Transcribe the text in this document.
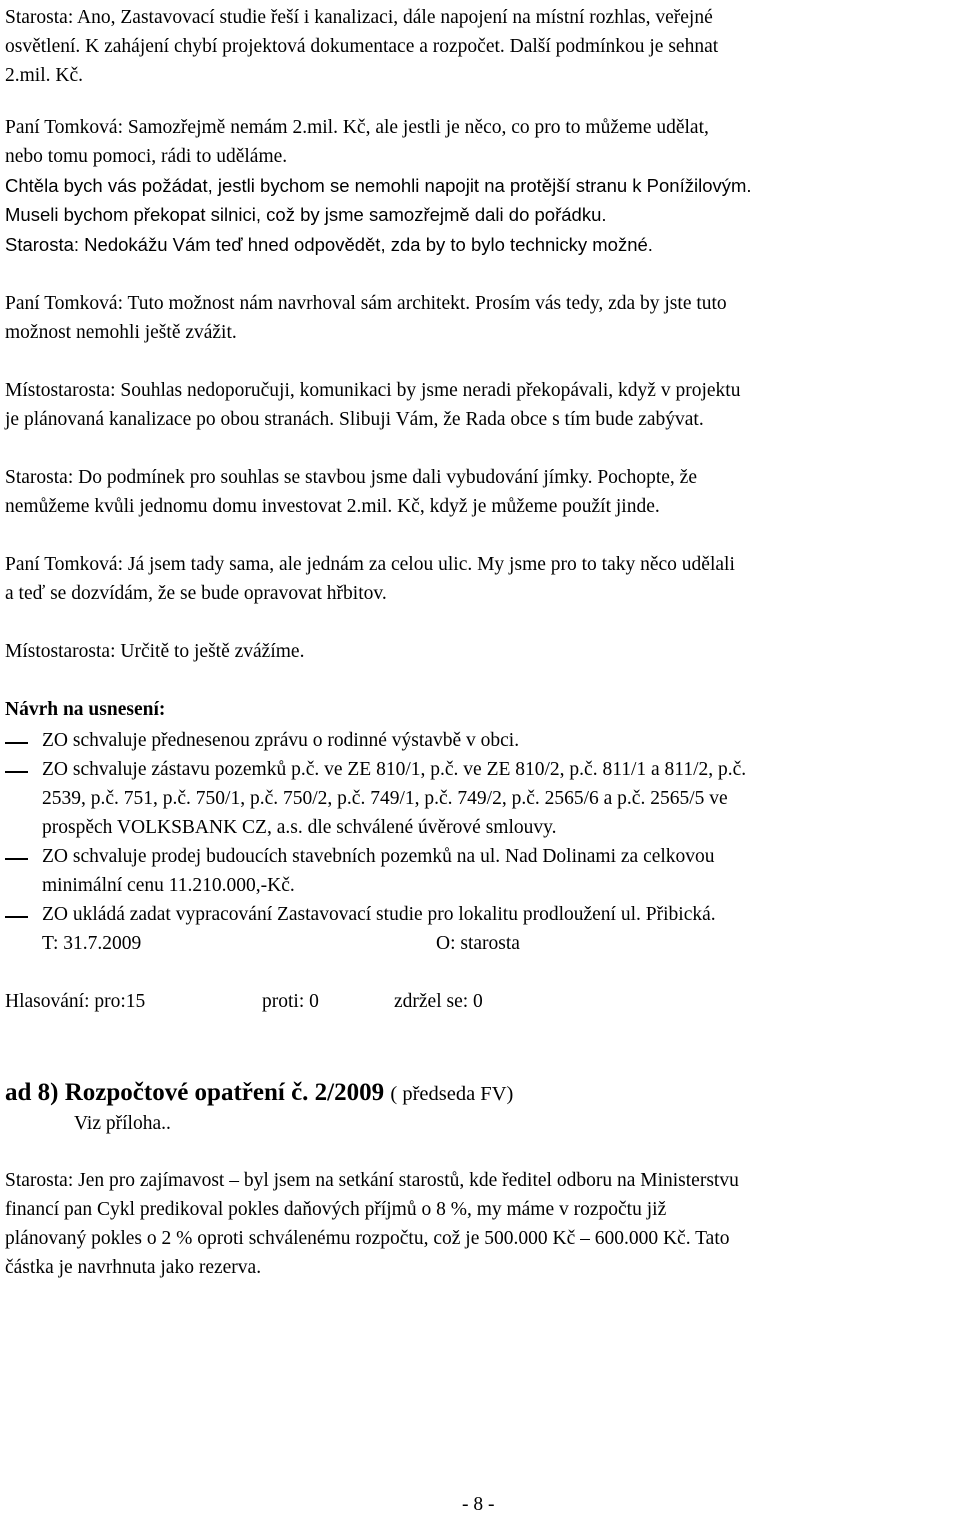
Starosta: Ano, Zastavovací studie řeší i kanalizaci, dále napojení na místní rozhlas, veřejné
osvětlení. K zahájení chybí projektová dokumentace a rozpočet. Další podmínkou je sehnat
2.mil. Kč.
Paní Tomková: Samozřejmě nemám 2.mil. Kč, ale jestli je něco, co pro to můžeme udělat,
nebo tomu pomoci, rádi to uděláme.
Chtěla bych vás požádat, jestli bychom se nemohli napojit na protější stranu k Ponížilovým.
Museli bychom překopat silnici, což by jsme samozřejmě dali do pořádku.
Starosta: Nedokážu Vám teď hned odpovědět, zda by to bylo technicky možné.
Paní Tomková: Tuto možnost nám navrhoval sám architekt. Prosím vás tedy, zda by jste tuto
možnost nemohli ještě zvážit.
Místostarosta: Souhlas nedoporučuji, komunikaci by jsme neradi překopávali, když v projektu
je plánovaná kanalizace po obou stranách. Slibuji Vám, že Rada obce s tím bude zabývat.
Starosta: Do podmínek pro souhlas se stavbou jsme dali vybudování jímky. Pochopte, že
nemůžeme kvůli jednomu domu investovat 2.mil. Kč, když je můžeme použít jinde.
Paní Tomková: Já jsem tady sama, ale jednám za celou ulic. My jsme pro to taky něco udělali
a teď se dozvídám, že se bude opravovat hřbitov.
Místostarosta: Určitě to ještě zvážíme.
Návrh na usnesení:
ZO schvaluje přednesenou zprávu o rodinné výstavbě v obci.
ZO schvaluje zástavu pozemků p.č. ve ZE 810/1, p.č. ve ZE 810/2, p.č. 811/1 a 811/2, p.č.
2539, p.č. 751, p.č. 750/1, p.č. 750/2, p.č. 749/1, p.č. 749/2, p.č. 2565/6 a p.č. 2565/5 ve
prospěch VOLKSBANK CZ, a.s. dle schválené úvěrové smlouvy.
ZO schvaluje prodej budoucích stavebních pozemků na ul. Nad Dolinami za celkovou
minimální cenu 11.210.000,-Kč.
ZO ukládá zadat vypracování Zastavovací studie pro lokalitu prodloužení ul. Přibická.
T: 31.7.2009	O: starosta
Hlasování: pro:15	proti: 0	zdržel se: 0
ad 8) Rozpočtové opatření č. 2/2009 ( předseda FV)
Viz příloha..
Starosta: Jen pro zajímavost – byl jsem na setkání starostů, kde ředitel odboru na Ministerstvu
financí pan Cykl predikoval pokles daňových příjmů o 8 %, my máme v rozpočtu již
plánovaný pokles o 2 % oproti schválenému rozpočtu, což je 500.000 Kč – 600.000 Kč. Tato
částka je navrhnuta jako rezerva.
- 8 -
